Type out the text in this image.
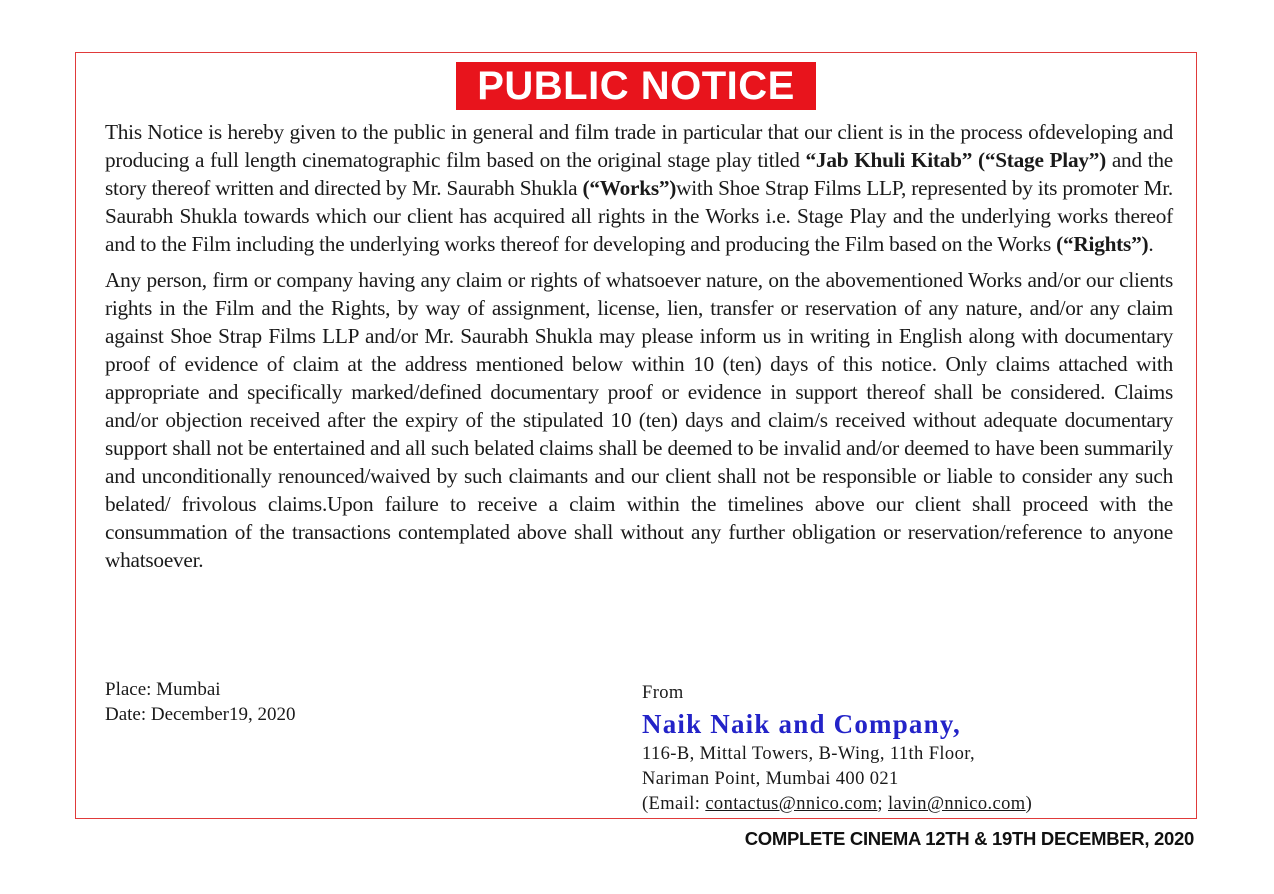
PUBLIC NOTICE

This Notice is hereby given to the public in general and film trade in particular that our client is in the process ofdeveloping and producing a full length cinematographic film based on the original stage play titled “Jab Khuli Kitab” (“Stage Play”) and the story thereof written and directed by Mr. Saurabh Shukla (“Works”)with Shoe Strap Films LLP, represented by its promoter Mr. Saurabh Shukla towards which our client has acquired all rights in the Works i.e. Stage Play and the underlying works thereof and to the Film including the underlying works thereof for developing and producing the Film based on the Works (“Rights”).

Any person, firm or company having any claim or rights of whatsoever nature, on the abovementioned Works and/or our clients rights in the Film and the Rights, by way of assignment, license, lien, transfer or reservation of any nature, and/or any claim against Shoe Strap Films LLP and/or Mr. Saurabh Shukla may please inform us in writing in English along with documentary proof of evidence of claim at the address mentioned below within 10 (ten) days of this notice. Only claims attached with appropriate and specifically marked/defined documentary proof or evidence in support thereof shall be considered. Claims and/or objection received after the expiry of the stipulated 10 (ten) days and claim/s received without adequate documentary support shall not be entertained and all such belated claims shall be deemed to be invalid and/or deemed to have been summarily and unconditionally renounced/waived by such claimants and our client shall not be responsible or liable to consider any such belated/ frivolous claims.Upon failure to receive a claim within the timelines above our client shall proceed with the consummation of the transactions contemplated above shall without any further obligation or reservation/reference to anyone whatsoever.

Place: Mumbai
Date: December19, 2020
From
Naik Naik and Company,
116-B, Mittal Towers, B-Wing, 11th Floor,
Nariman Point, Mumbai 400 021
(Email: contactus@nnico.com; lavin@nnico.com)
COMPLETE CINEMA 12TH & 19TH DECEMBER, 2020
